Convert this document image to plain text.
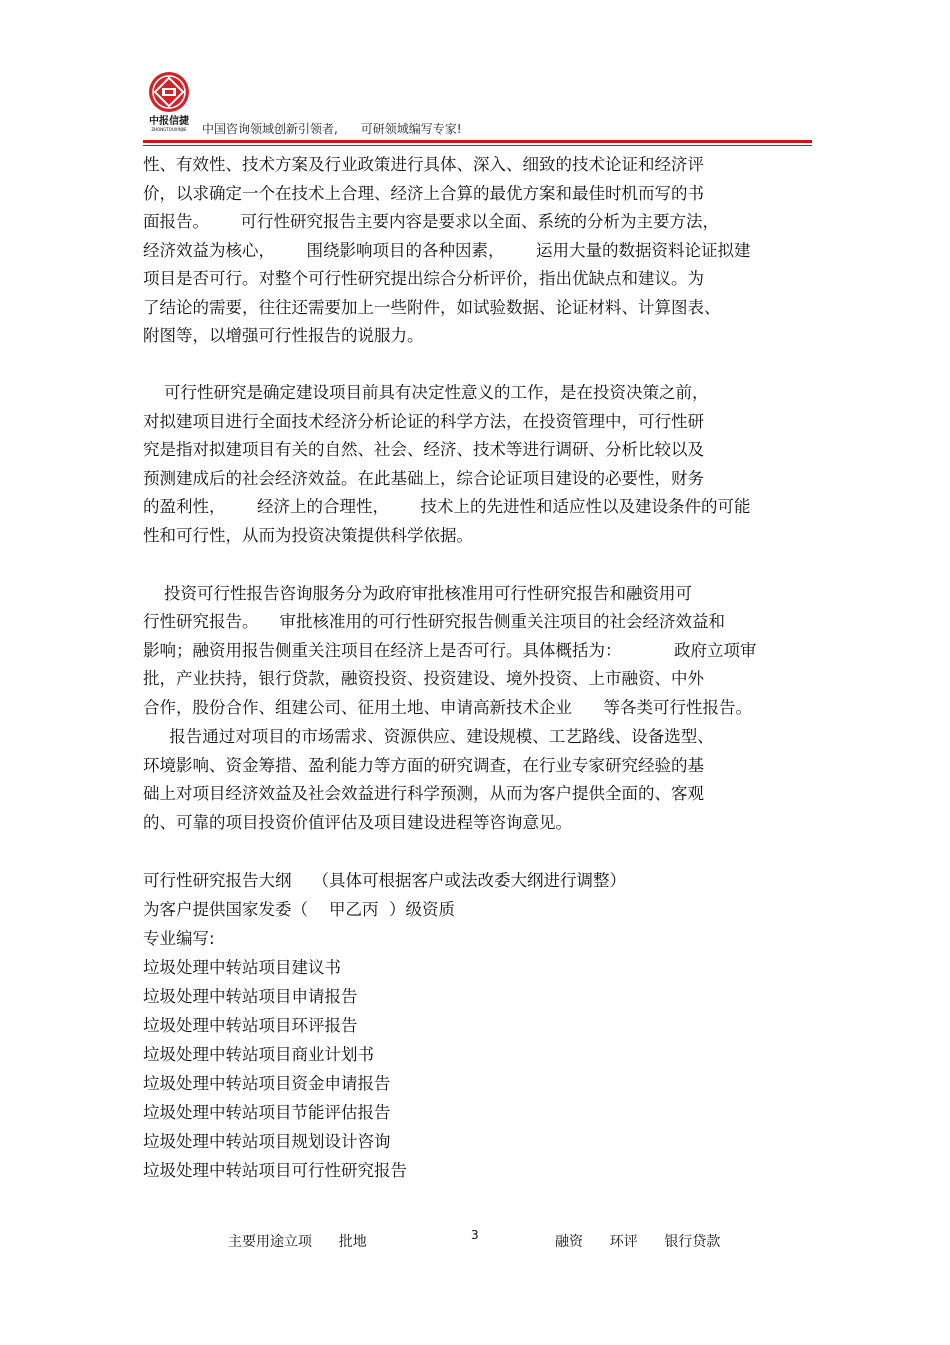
中报信捷
ZHONGTOUXINJIE 中国咨询领域创新引领者,      可研领域编写专家!
性、有效性、技术方案及行业政策进行具体、深入、细致的技术论证和经济评
价，以求确定一个在技术上合理、经济上合算的最优方案和最佳时机而写的书
面报告。      可行性研究报告主要内容是要求以全面、系统的分析为主要方法，
经济效益为核心，      围绕影响项目的各种因素，      运用大量的数据资料论证拟建
项目是否可行。对整个可行性研究提出综合分析评价，指出优缺点和建议。为
了结论的需要，往往还需要加上一些附件，如试验数据、论证材料、计算图表、
附图等，以增强可行性报告的说服力。
可行性研究是确定建设项目前具有决定性意义的工作，是在投资决策之前，
对拟建项目进行全面技术经济分析论证的科学方法，在投资管理中，可行性研
究是指对拟建项目有关的自然、社会、经济、技术等进行调研、分析比较以及
预测建成后的社会经济效益。在此基础上，综合论证项目建设的必要性，财务
的盈利性，      经济上的合理性，      技术上的先进性和适应性以及建设条件的可能
性和可行性，从而为投资决策提供科学依据。
投资可行性报告咨询服务分为政府审批核准用可行性研究报告和融资用可
行性研究报告。    审批核准用的可行性研究报告侧重关注项目的社会经济效益和
影响；融资用报告侧重关注项目在经济上是否可行。具体概括为：          政府立项审
批，产业扶持，银行贷款，融资投资、投资建设、境外投资、上市融资、中外
合作，股份合作、组建公司、征用土地、申请高新技术企业      等各类可行性报告。
报告通过对项目的市场需求、资源供应、建设规模、工艺路线、设备选型、
环境影响、资金筹措、盈利能力等方面的研究调查，在行业专家研究经验的基
础上对项目经济效益及社会效益进行科学预测，从而为客户提供全面的、客观
的、可靠的项目投资价值评估及项目建设进程等咨询意见。
可行性研究报告大纲    （具体可根据客户或法改委大纲进行调整）
为客户提供国家发委（    甲乙丙  ）级资质
专业编写:
垃圾处理中转站项目建议书
垃圾处理中转站项目申请报告
垃圾处理中转站项目环评报告
垃圾处理中转站项目商业计划书
垃圾处理中转站项目资金申请报告
垃圾处理中转站项目节能评估报告
垃圾处理中转站项目规划设计咨询
垃圾处理中转站项目可行性研究报告
主要用途立项      批地	3	融资      环评      银行贷款
